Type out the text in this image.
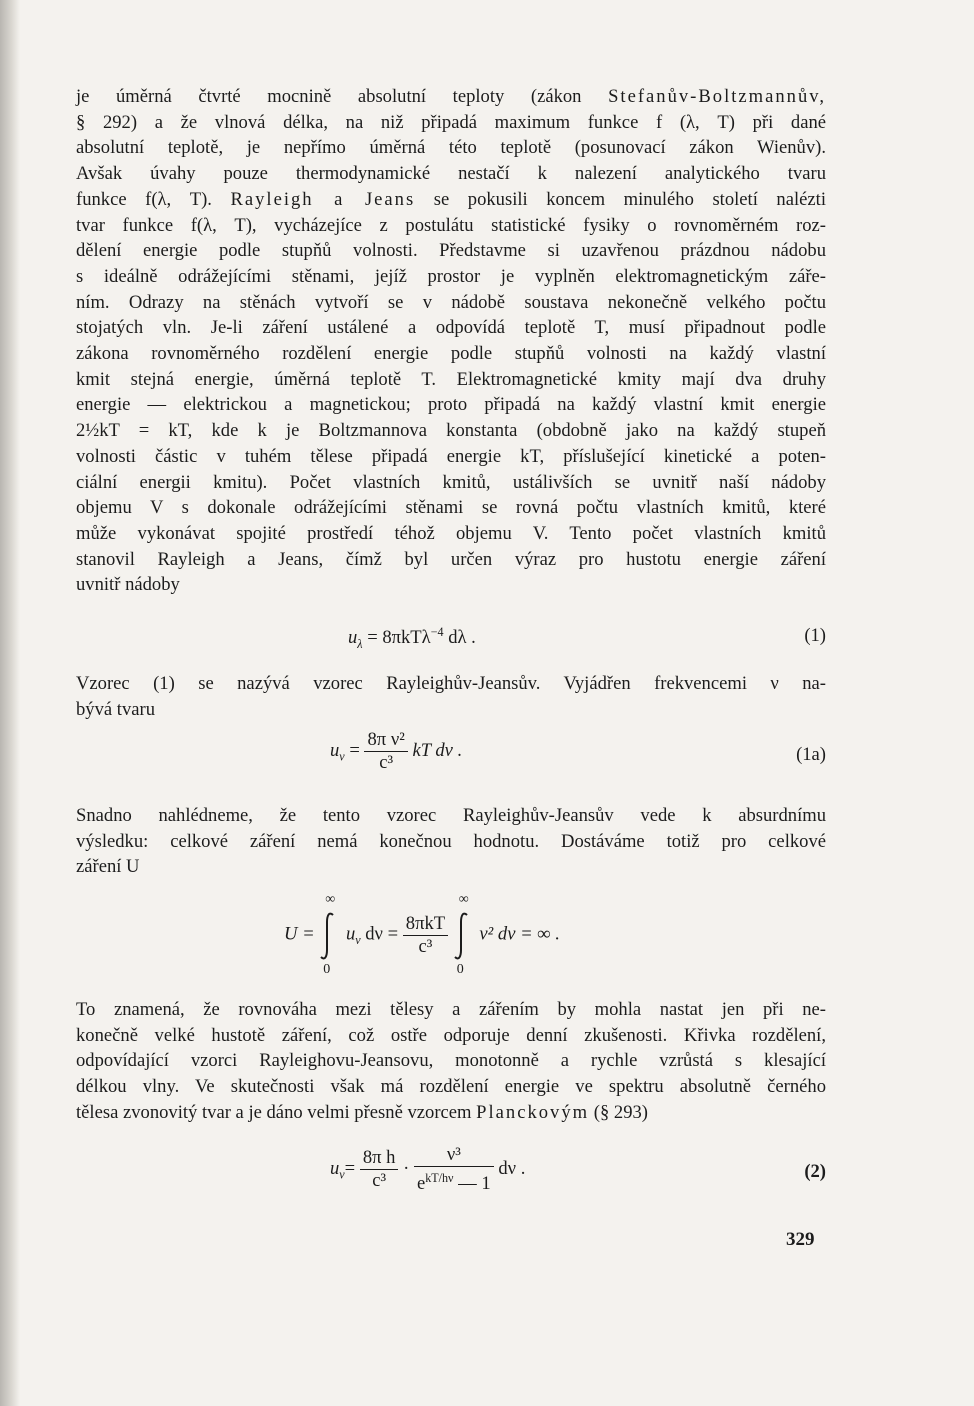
je úměrná čtvrté mocnině absolutní teploty (zákon Stefanův-Boltzmannův,

§ 292) a že vlnová délka, na niž připadá maximum funkce f (λ, T) při dané

absolutní teplotě, je nepřímo úměrná této teplotě (posunovací zákon Wienův).

Avšak úvahy pouze thermodynamické nestačí k nalezení analytického tvaru

funkce f(λ, T). Rayleigh a Jeans se pokusili koncem minulého století nalézti

tvar funkce f(λ, T), vycházejíce z postulátu statistické fysiky o rovnoměrném roz-

dělení energie podle stupňů volnosti. Představme si uzavřenou prázdnou nádobu

s ideálně odrážejícími stěnami, jejíž prostor je vyplněn elektromagnetickým záře-

ním. Odrazy na stěnách vytvoří se v nádobě soustava nekonečně velkého počtu

stojatých vln. Je-li záření ustálené a odpovídá teplotě T, musí připadnout podle

zákona rovnoměrného rozdělení energie podle stupňů volnosti na každý vlastní

kmit stejná energie, úměrná teplotě T. Elektromagnetické kmity mají dva druhy

energie — elektrickou a magnetickou; proto připadá na každý vlastní kmit energie

2½kT = kT, kde k je Boltzmannova konstanta (obdobně jako na každý stupeň

volnosti částic v tuhém tělese připadá energie kT, příslušející kinetické a poten-

ciální energii kmitu). Počet vlastních kmitů, ustálivších se uvnitř naší nádoby

objemu V s dokonale odrážejícími stěnami se rovná počtu vlastních kmitů, které

může vykonávat spojité prostředí téhož objemu V. Tento počet vlastních kmitů

stanovil Rayleigh a Jeans, čímž byl určen výraz pro hustotu energie záření

uvnitř nádoby

$u_\lambda = 8\pi kT\lambda^{-4}$ dλ .	(1)

Vzorec (1) se nazývá vzorec Rayleighův-Jeansův. Vyjádřen frekvencemi ν na-

bývá tvaru

$u_\nu = \frac{\text{8π ν²}}{\text{c³}}$ kT dν .	(1a)

Snadno nahlédneme, že tento vzorec Rayleighův-Jeansův vede k absurdnímu

výsledku: celkové záření nemá konečnou hodnotu. Dostáváme totiž pro celkové

záření U

U =
∞
0
$u_\nu$ $d\nu = \frac{\text{8πkT}}{\text{c³}}$

∞
0
ν² dν = ∞ .

To znamená, že rovnováha mezi tělesy a zářením by mohla nastat jen při ne-

konečně velké hustotě záření, což ostře odporuje denní zkušenosti. Křivka rozdělení,

odpovídající vzorci Rayleighovu-Jeansovu, monotonně a rychle vzrůstá s klesající

délkou vlny. Ve skutečnosti však má rozdělení energie ve spektru absolutně černého

tělesa zvonovitý tvar a je dáno velmi přesně vzorcem Planckovým (§ 293)

$u_\nu= \frac{\text{8π h}}{\text{c³}} \cdot \frac{\text{ν³}}{e^{kT/h\nu} — 1}$ dν .	(2)
329
